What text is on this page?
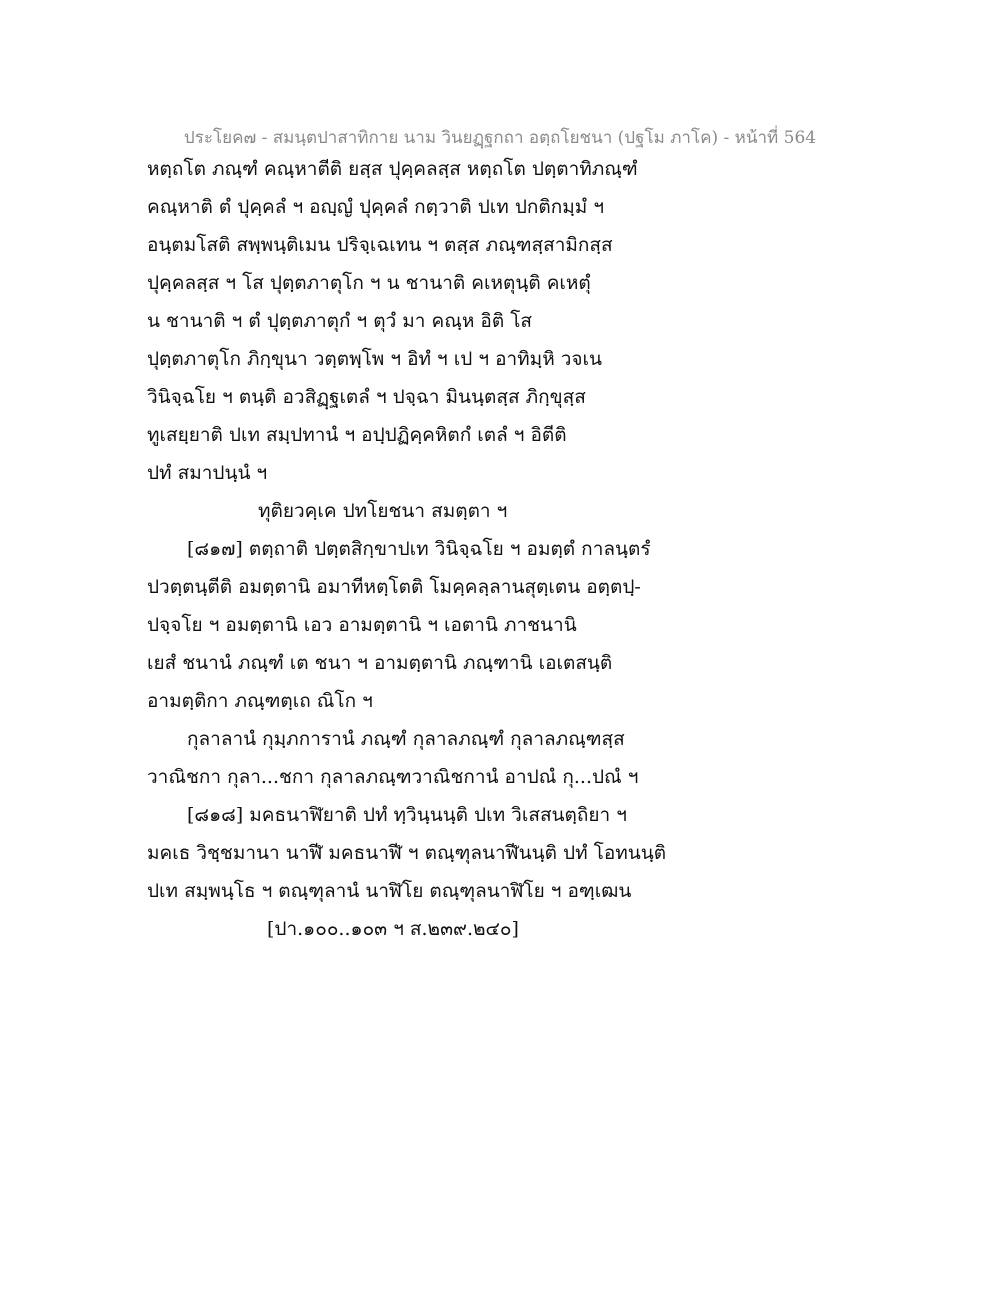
ประโยค๗ - สมนฺตปาสาทิกาย นาม วินยฏฺฐกถา อตฺถโยชนา (ปฐโม ภาโค) - หน้าที่ 564
หตฺถโต ภณฺฑํ คณฺหาตีติ ยสฺส ปุคฺคลสฺส หตฺถโต ปตฺตาทิภณฺฑํ
คณฺหาติ ตํ ปุคฺคลํ ฯ อญฺญํ ปุคฺคลํ กตฺวาติ ปเท ปกติกมฺมํ ฯ
อนฺตมโสติ สพฺพนฺติเมน ปริจฺเฉเทน ฯ ตสฺส ภณฺฑสฺสามิกสฺส
ปุคฺคลสฺส ฯ โส ปุตฺตภาตุโก ฯ น ชานาติ คเหตุนฺติ คเหตุํ
น ชานาติ ฯ ตํ ปุตฺตภาตุกํ ฯ ตุวํ มา คณฺห อิติ โส
ปุตฺตภาตุโก ภิกฺขุนา วตฺตพฺโพ ฯ อิทํ ฯ เป ฯ อาทิมฺหิ วจเน
วินิจฺฉโย ฯ ตนฺติ อวสิฏฺฐเตลํ ฯ ปจฺฉา มินนฺตสฺส ภิกฺขุสฺส
ทูเสยฺยาติ ปเท สมฺปทานํ ฯ อปฺปฏิคฺคหิตกํ เตลํ ฯ อิตีติ
ปทํ สมาปนฺนํ ฯ
ทุติยวคฺเค ปทโยชนา สมตฺตา ฯ
[๘๑๗] ตตฺถาติ ปตฺตสิกฺขาปเท วินิจฺฉโย ฯ อมตฺตํ กาลนฺตรํ
ปวตฺตนฺตีติ อมตฺตานิ อมาทีหตฺโตติ โมคฺคลฺลานสุตฺเตน อตฺตปฺ-
ปจฺจโย ฯ อมตฺตานิ เอว อามตฺตานิ ฯ เอตานิ ภาชนานิ
เยสํ ชนานํ ภณฺฑํ เต ชนา ฯ อามตฺตานิ ภณฺฑานิ เอเตสนฺติ
อามตฺติกา ภณฺฑตฺเถ ณิโก ฯ
กุลาลานํ กุมฺภการานํ ภณฺฑํ กุลาลภณฺฑํ กุลาลภณฺฑสฺส
วาณิชกา กุลา...ชกา กุลาลภณฺฑวาณิชกานํ อาปณํ กุ...ปณํ ฯ
[๘๑๘] มคธนาฬิยาติ ปทํ ทฺวินฺนนฺติ ปเท วิเสสนตฺถิยา ฯ
มคเธ วิชฺชมานา นาฬี มคธนาฬี ฯ ตณฺฑุลนาฬีนนฺติ ปทํ โอทนนฺติ
ปเท สมฺพนฺโธ ฯ ตณฺฑุลานํ นาฬิโย ตณฺฑุลนาฬิโย ฯ อฑฺเฒน
[ปา.๑๐๐..๑๐๓ ฯ ส.๒๓๙.๒๔๐]
